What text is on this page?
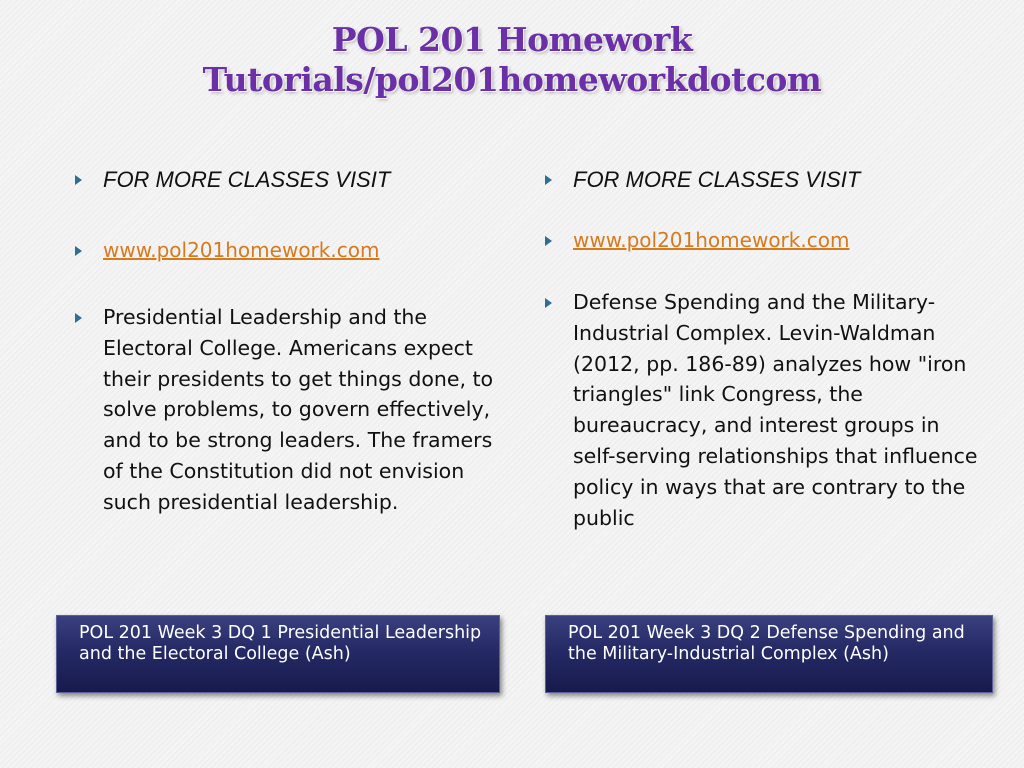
POL 201 Homework
Tutorials/pol201homeworkdotcom
FOR MORE CLASSES VISIT
www.pol201homework.com
Presidential Leadership and the Electoral College. Americans expect their presidents to get things done, to solve problems, to govern effectively, and to be strong leaders. The framers of the Constitution did not envision such presidential leadership.
FOR MORE CLASSES VISIT
www.pol201homework.com
Defense Spending and the Military-Industrial Complex. Levin-Waldman (2012, pp. 186-89) analyzes how "iron triangles" link Congress, the bureaucracy, and interest groups in self-serving relationships that influence policy in ways that are contrary to the public
POL 201 Week 3 DQ 1 Presidential Leadership and the Electoral College (Ash)
POL 201 Week 3 DQ 2 Defense Spending and the Military-Industrial Complex (Ash)
